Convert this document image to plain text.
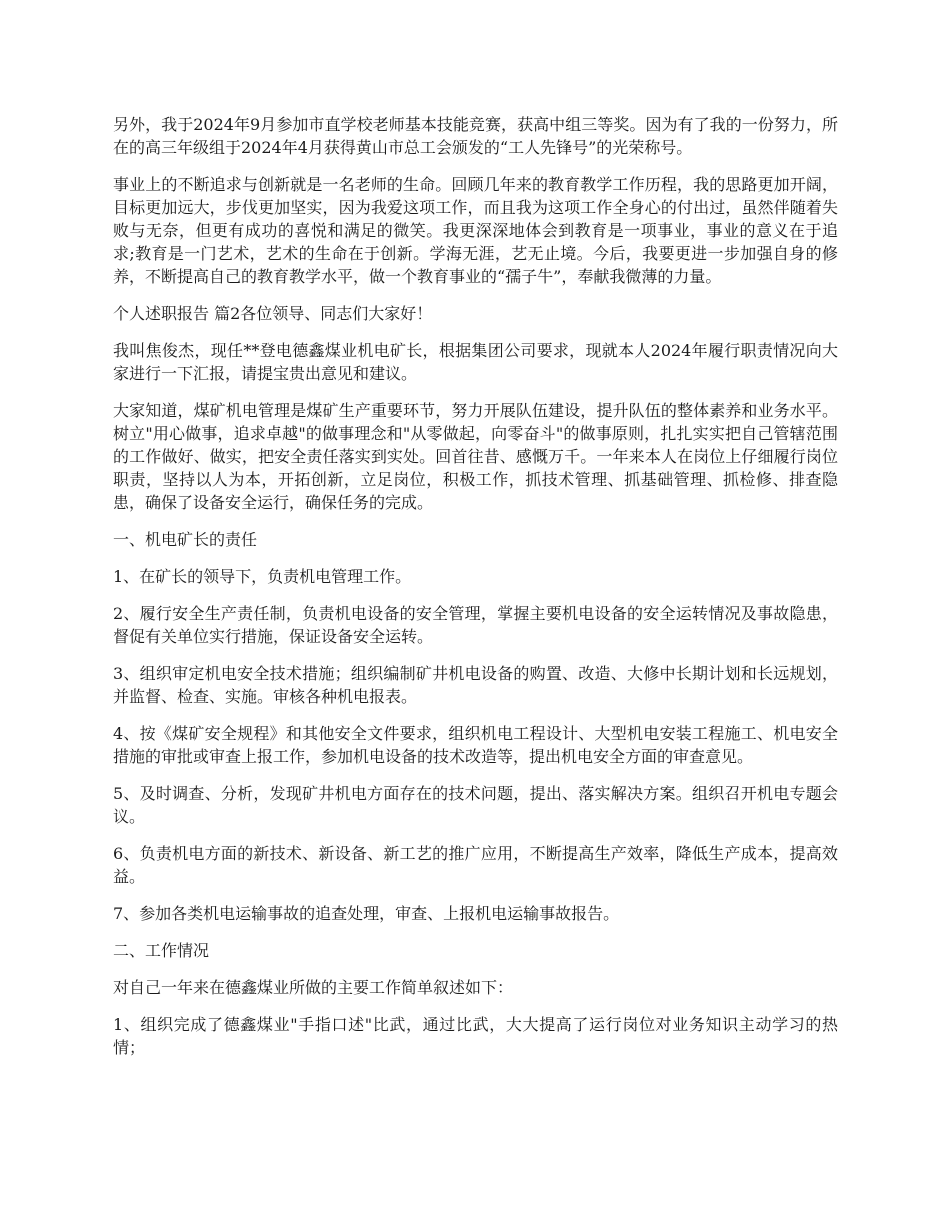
另外，我于2024年9月参加市直学校老师基本技能竞赛，获高中组三等奖。因为有了我的一份努力，所在的高三年级组于2024年4月获得黄山市总工会颁发的“工人先锋号”的光荣称号。

事业上的不断追求与创新就是一名老师的生命。回顾几年来的教育教学工作历程，我的思路更加开阔，目标更加远大，步伐更加坚实，因为我爱这项工作，而且我为这项工作全身心的付出过，虽然伴随着失败与无奈，但更有成功的喜悦和满足的微笑。我更深深地体会到教育是一项事业，事业的意义在于追求;教育是一门艺术，艺术的生命在于创新。学海无涯，艺无止境。今后，我要更进一步加强自身的修养，不断提高自己的教育教学水平，做一个教育事业的“孺子牛”，奉献我微薄的力量。

个人述职报告 篇2各位领导、同志们大家好！

我叫焦俊杰，现任**登电德鑫煤业机电矿长，根据集团公司要求，现就本人2024年履行职责情况向大家进行一下汇报，请提宝贵出意见和建议。

大家知道，煤矿机电管理是煤矿生产重要环节，努力开展队伍建设，提升队伍的整体素养和业务水平。树立"用心做事，追求卓越"的做事理念和"从零做起，向零奋斗"的做事原则，扎扎实实把自己管辖范围的工作做好、做实，把安全责任落实到实处。回首往昔、感慨万千。一年来本人在岗位上仔细履行岗位职责，坚持以人为本，开拓创新，立足岗位，积极工作，抓技术管理、抓基础管理、抓检修、排查隐患，确保了设备安全运行，确保任务的完成。

一、机电矿长的责任

1、在矿长的领导下，负责机电管理工作。

2、履行安全生产责任制，负责机电设备的安全管理，掌握主要机电设备的安全运转情况及事故隐患，督促有关单位实行措施，保证设备安全运转。

3、组织审定机电安全技术措施；组织编制矿井机电设备的购置、改造、大修中长期计划和长远规划，并监督、检查、实施。审核各种机电报表。

4、按《煤矿安全规程》和其他安全文件要求，组织机电工程设计、大型机电安装工程施工、机电安全措施的审批或审查上报工作，参加机电设备的技术改造等，提出机电安全方面的审查意见。

5、及时调查、分析，发现矿井机电方面存在的技术问题，提出、落实解决方案。组织召开机电专题会议。

6、负责机电方面的新技术、新设备、新工艺的推广应用，不断提高生产效率，降低生产成本，提高效益。

7、参加各类机电运输事故的追查处理，审查、上报机电运输事故报告。

二、工作情况

对自己一年来在德鑫煤业所做的主要工作简单叙述如下：

1、组织完成了德鑫煤业"手指口述"比武，通过比武，大大提高了运行岗位对业务知识主动学习的热情；
